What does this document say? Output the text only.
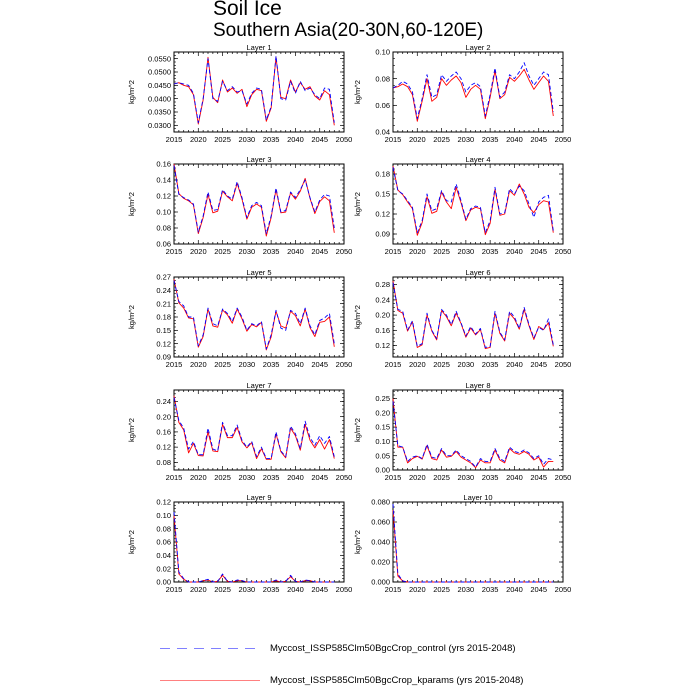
Soil Ice
Southern Asia(20-30N,60-120E)
Layer 1
kg/m^2
2015 2020 2025 2030 2035 2040 2045 2050
0.0300
0.0350
0.0400
0.0450
0.0500
0.0550
Layer 2
kg/m^2
2015 2020 2025 2030 2035 2040 2045 2050
0.04
0.06
0.08
0.10
Layer 3
kg/m^2
2015 2020 2025 2030 2035 2040 2045 2050
0.06
0.08
0.10
0.12
0.14
0.16
Layer 4
kg/m^2
2015 2020 2025 2030 2035 2040 2045 2050
0.09
0.12
0.15
0.18
Layer 5
kg/m^2
2015 2020 2025 2030 2035 2040 2045 2050
0.09
0.12
0.15
0.18
0.21
0.24
0.27
Layer 6
kg/m^2
2015 2020 2025 2030 2035 2040 2045 2050
0.12
0.16
0.20
0.24
0.28
Layer 7
kg/m^2
2015 2020 2025 2030 2035 2040 2045 2050
0.08
0.12
0.16
0.20
0.24
Layer 8
kg/m^2
2015 2020 2025 2030 2035 2040 2045 2050
0.00
0.05
0.10
0.15
0.20
0.25
Layer 9
kg/m^2
2015 2020 2025 2030 2035 2040 2045 2050
0.00
0.02
0.04
0.06
0.08
0.10
0.12
Layer 10
kg/m^2
2015 2020 2025 2030 2035 2040 2045 2050
0.000
0.020
0.040
0.060
0.080
Myccost_ISSP585Clm50BgcCrop_control (yrs 2015-2048)
Myccost_ISSP585Clm50BgcCrop_kparams (yrs 2015-2048)
